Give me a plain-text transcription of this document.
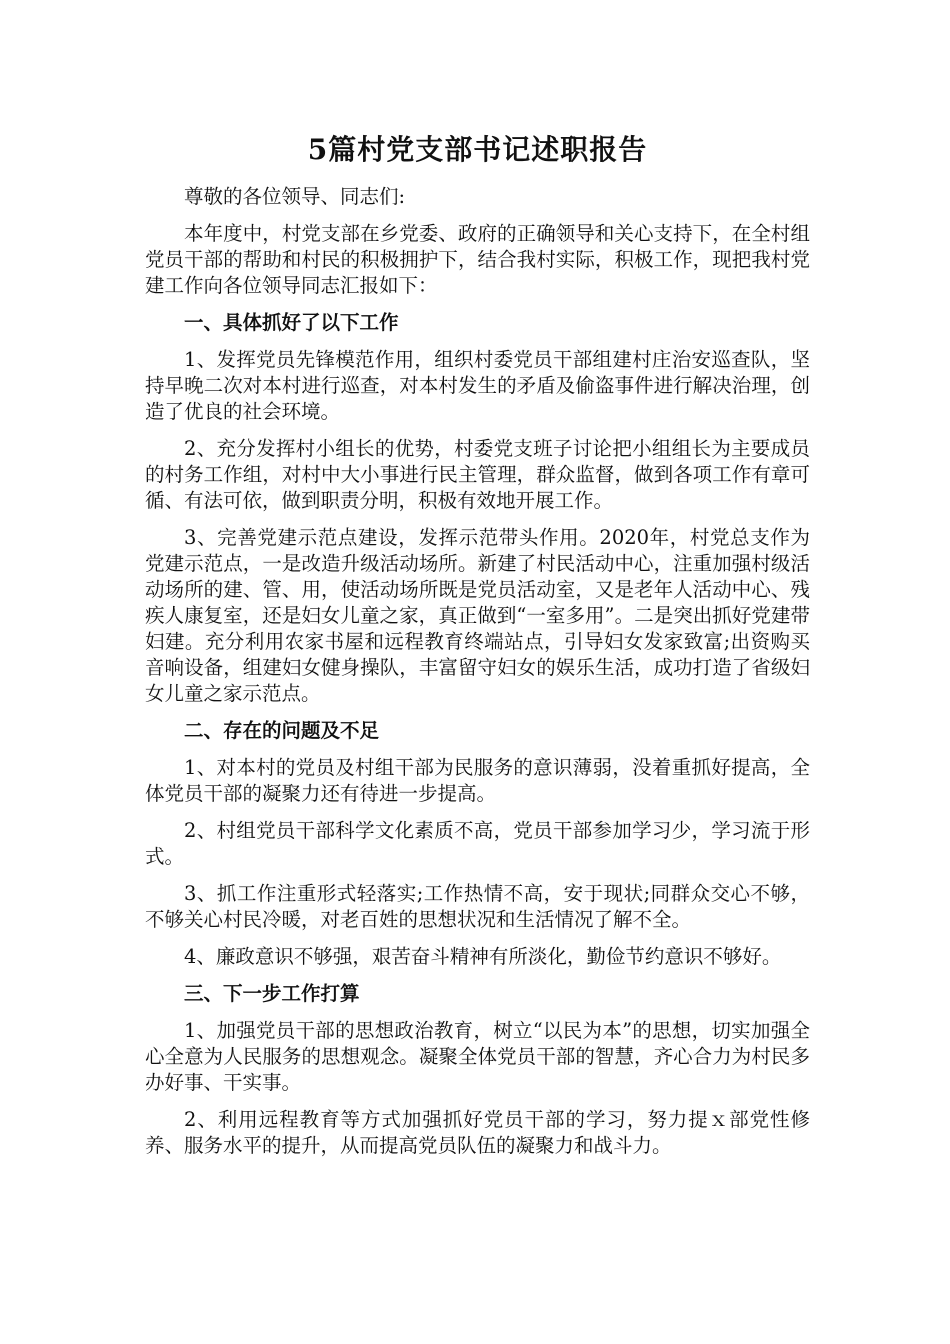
5篇村党支部书记述职报告

尊敬的各位领导、同志们:

本年度中，村党支部在乡党委、政府的正确领导和关心支持下，在全村组党员干部的帮助和村民的积极拥护下，结合我村实际，积极工作，现把我村党建工作向各位领导同志汇报如下：

一、具体抓好了以下工作

1、发挥党员先锋模范作用，组织村委党员干部组建村庄治安巡查队，坚持早晚二次对本村进行巡查，对本村发生的矛盾及偷盗事件进行解决治理，创造了优良的社会环境。

2、充分发挥村小组长的优势，村委党支班子讨论把小组组长为主要成员的村务工作组，对村中大小事进行民主管理，群众监督，做到各项工作有章可循、有法可依，做到职责分明，积极有效地开展工作。

3、完善党建示范点建设，发挥示范带头作用。2020年，村党总支作为党建示范点，一是改造升级活动场所。新建了村民活动中心，注重加强村级活动场所的建、管、用，使活动场所既是党员活动室，又是老年人活动中心、残疾人康复室，还是妇女儿童之家，真正做到“一室多用”。二是突出抓好党建带妇建。充分利用农家书屋和远程教育终端站点，引导妇女发家致富;出资购买音响设备，组建妇女健身操队，丰富留守妇女的娱乐生活，成功打造了省级妇女儿童之家示范点。

二、存在的问题及不足

1、对本村的党员及村组干部为民服务的意识薄弱，没着重抓好提高，全体党员干部的凝聚力还有待进一步提高。

2、村组党员干部科学文化素质不高，党员干部参加学习少，学习流于形式。

3、抓工作注重形式轻落实;工作热情不高，安于现状;同群众交心不够，不够关心村民冷暖，对老百姓的思想状况和生活情况了解不全。

4、廉政意识不够强，艰苦奋斗精神有所淡化，勤俭节约意识不够好。

三、下一步工作打算

1、加强党员干部的思想政治教育，树立“以民为本”的思想，切实加强全心全意为人民服务的思想观念。凝聚全体党员干部的智慧，齐心合力为村民多办好事、干实事。

2、利用远程教育等方式加强抓好党员干部的学习，努力提ｘ部党性修养、服务水平的提升，从而提高党员队伍的凝聚力和战斗力。
